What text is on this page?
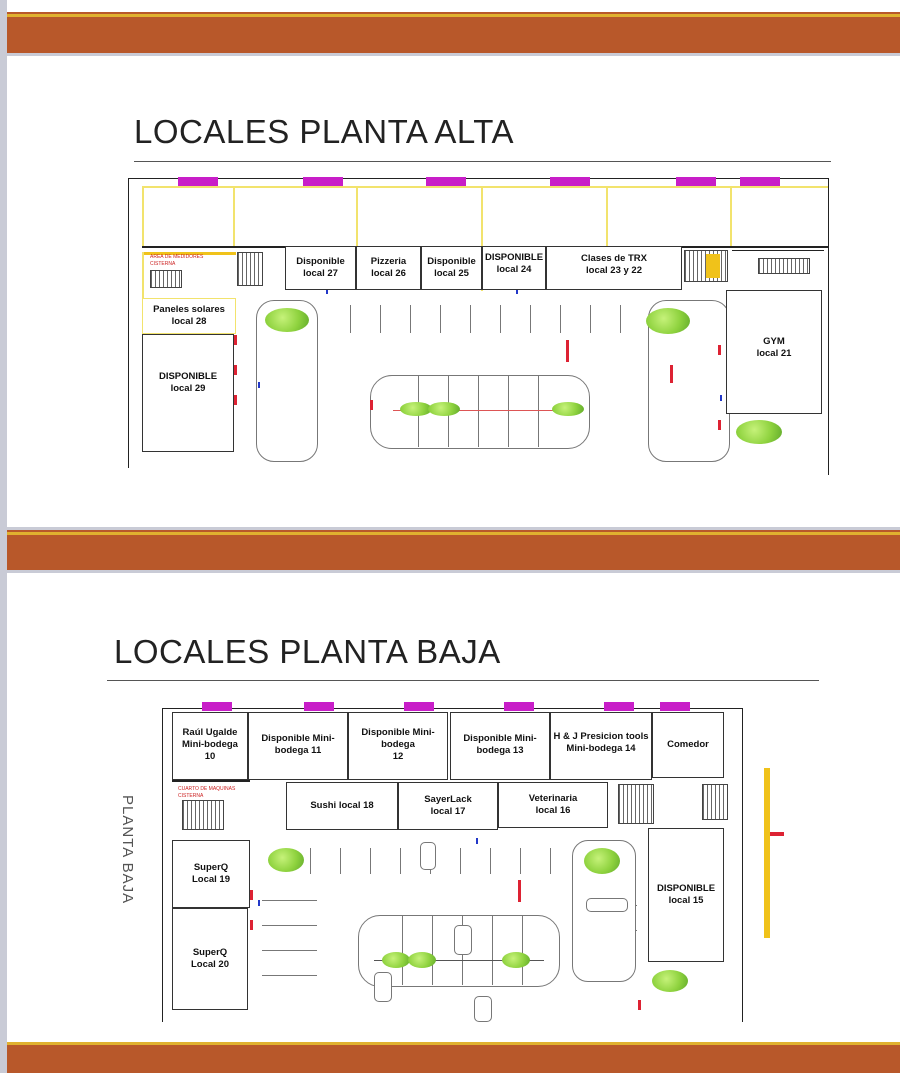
LOCALES PLANTA ALTA
AREA DE MEDIDORES
CISTERNA	Disponible
local 27
Pizzeria
local 26
Disponible
local 25
DISPONIBLE
local 24
Clases de TRX
local 23 y 22
Paneles solares
local 28
DISPONIBLE
local 29
GYM
local 21
LOCALES PLANTA BAJA
PLANTA BAJA
CUARTO DE MAQUINAS
CISTERNA
Raúl Ugalde
Mini-bodega
10
Disponible Mini-
bodega 11
Disponible Mini-
bodega
12
Disponible Mini-
bodega 13
H & J Presicion tools
Mini-bodega 14	Comedor
Sushi local 18
SayerLack
local 17
Veterinaria
local 16
SuperQ
Local 19
SuperQ
Local 20
DISPONIBLE
local 15
